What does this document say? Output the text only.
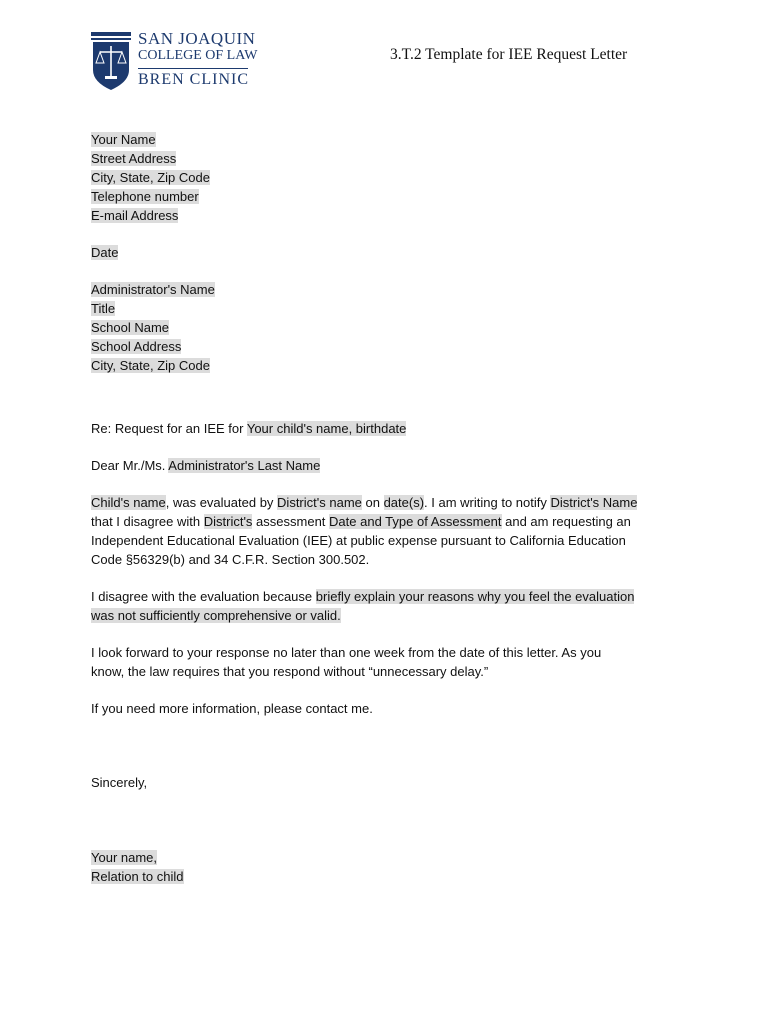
SAN JOAQUIN
COLLEGE OF LAW
BREN CLINIC
3.T.2 Template for IEE Request Letter
Your Name
Street Address
City, State, Zip Code
Telephone number
E-mail Address
Date
Administrator's Name
Title
School Name
School Address
City, State, Zip Code

Re: Request for an IEE for Your child's name, birthdate

Dear Mr./Ms. Administrator's Last Name

Child's name, was evaluated by District's name on date(s). I am writing to notify District's Name
that I disagree with District's assessment Date and Type of Assessment and am requesting an
Independent Educational Evaluation (IEE) at public expense pursuant to California Education
Code §56329(b) and 34 C.F.R. Section 300.502.

I disagree with the evaluation because briefly explain your reasons why you feel the evaluation
was not sufficiently comprehensive or valid.

I look forward to your response no later than one week from the date of this letter. As you
know, the law requires that you respond without “unnecessary delay.”

If you need more information, please contact me.

Sincerely,

Your name,
Relation to child
